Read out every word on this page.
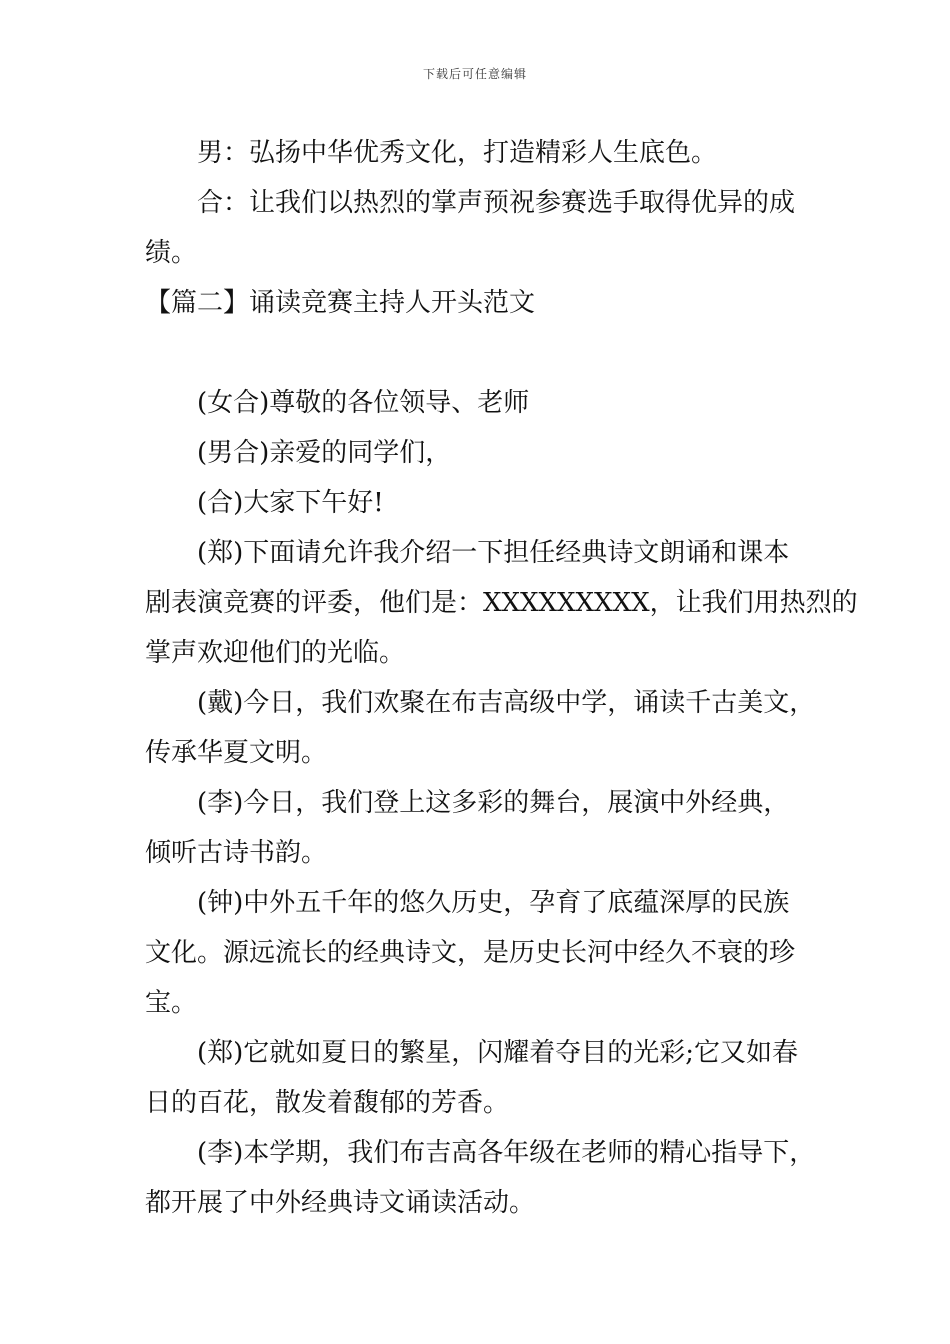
下载后可任意编辑
男：弘扬中华优秀文化，打造精彩人生底色。
合：让我们以热烈的掌声预祝参赛选手取得优异的成
绩。
【篇二】诵读竞赛主持人开头范文
(女合)尊敬的各位领导、老师
(男合)亲爱的同学们，
(合)大家下午好!
(郑)下面请允许我介绍一下担任经典诗文朗诵和课本
剧表演竞赛的评委，他们是：XXXXXXXXX，让我们用热烈的
掌声欢迎他们的光临。
(戴)今日，我们欢聚在布吉高级中学，诵读千古美文，
传承华夏文明。
(李)今日，我们登上这多彩的舞台，展演中外经典，
倾听古诗书韵。
(钟)中外五千年的悠久历史，孕育了底蕴深厚的民族
文化。源远流长的经典诗文，是历史长河中经久不衰的珍
宝。
(郑)它就如夏日的繁星，闪耀着夺目的光彩;它又如春
日的百花，散发着馥郁的芳香。
(李)本学期，我们布吉高各年级在老师的精心指导下，
都开展了中外经典诗文诵读活动。
